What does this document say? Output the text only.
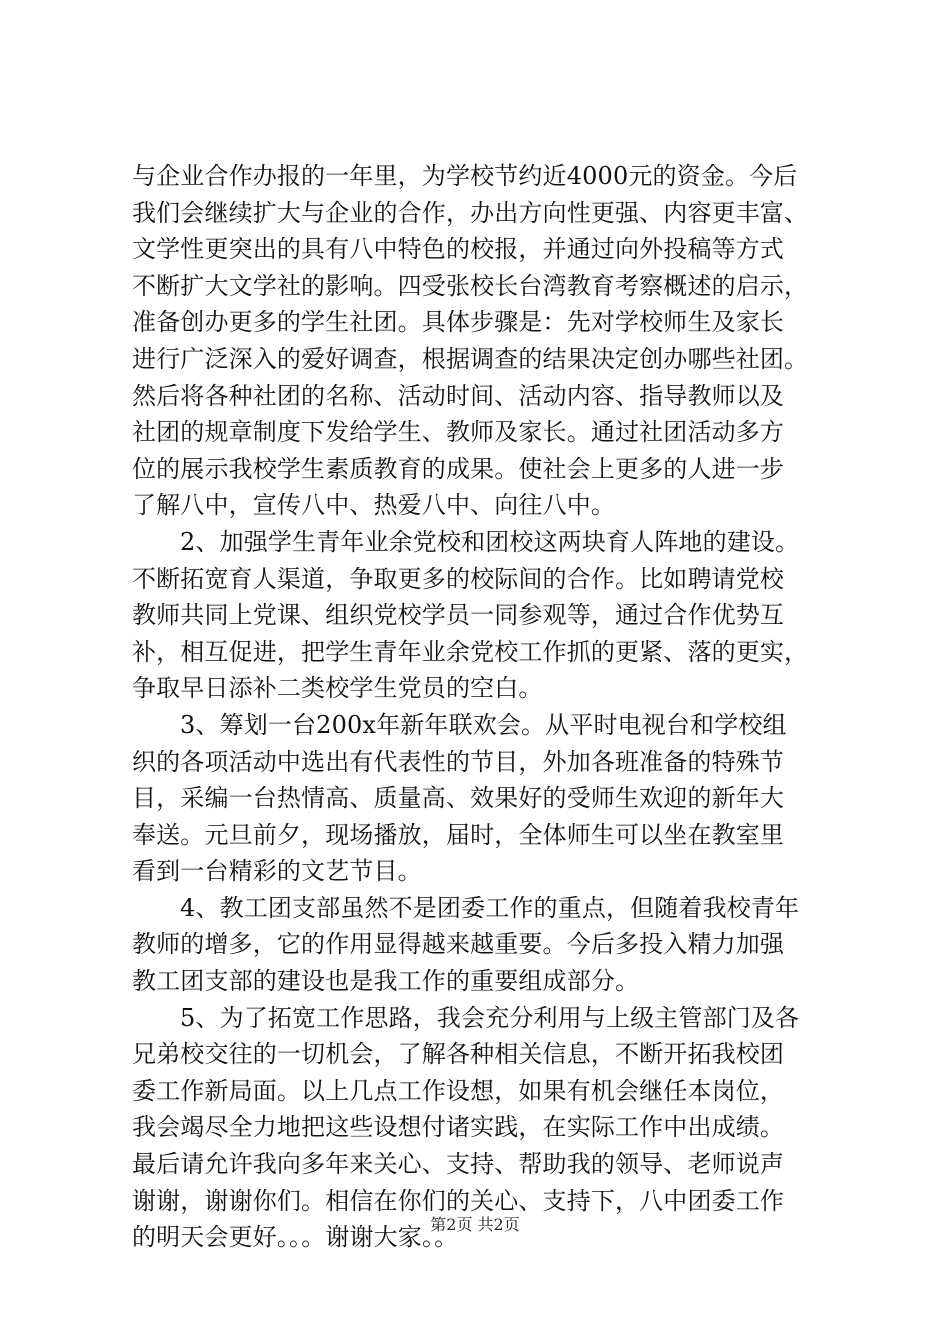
与企业合作办报的一年里，为学校节约近4000元的资金。今后
我们会继续扩大与企业的合作，办出方向性更强、内容更丰富、
文学性更突出的具有八中特色的校报，并通过向外投稿等方式
不断扩大文学社的影响。四受张校长台湾教育考察概述的启示，
准备创办更多的学生社团。具体步骤是：先对学校师生及家长
进行广泛深入的爱好调查，根据调查的结果决定创办哪些社团。
然后将各种社团的名称、活动时间、活动内容、指导教师以及
社团的规章制度下发给学生、教师及家长。通过社团活动多方
位的展示我校学生素质教育的成果。使社会上更多的人进一步
了解八中，宣传八中、热爱八中、向往八中。
2、加强学生青年业余党校和团校这两块育人阵地的建设。
不断拓宽育人渠道，争取更多的校际间的合作。比如聘请党校
教师共同上党课、组织党校学员一同参观等，通过合作优势互
补，相互促进，把学生青年业余党校工作抓的更紧、落的更实，
争取早日添补二类校学生党员的空白。
3、筹划一台200x年新年联欢会。从平时电视台和学校组
织的各项活动中选出有代表性的节目，外加各班准备的特殊节
目，采编一台热情高、质量高、效果好的受师生欢迎的新年大
奉送。元旦前夕，现场播放，届时，全体师生可以坐在教室里
看到一台精彩的文艺节目。
4、教工团支部虽然不是团委工作的重点，但随着我校青年
教师的增多，它的作用显得越来越重要。今后多投入精力加强
教工团支部的建设也是我工作的重要组成部分。
5、为了拓宽工作思路，我会充分利用与上级主管部门及各
兄弟校交往的一切机会，了解各种相关信息，不断开拓我校团
委工作新局面。以上几点工作设想，如果有机会继任本岗位，
我会竭尽全力地把这些设想付诸实践，在实际工作中出成绩。
最后请允许我向多年来关心、支持、帮助我的领导、老师说声
谢谢，谢谢你们。相信在你们的关心、支持下，八中团委工作
的明天会更好。。。谢谢大家。。
第2页 共2页
